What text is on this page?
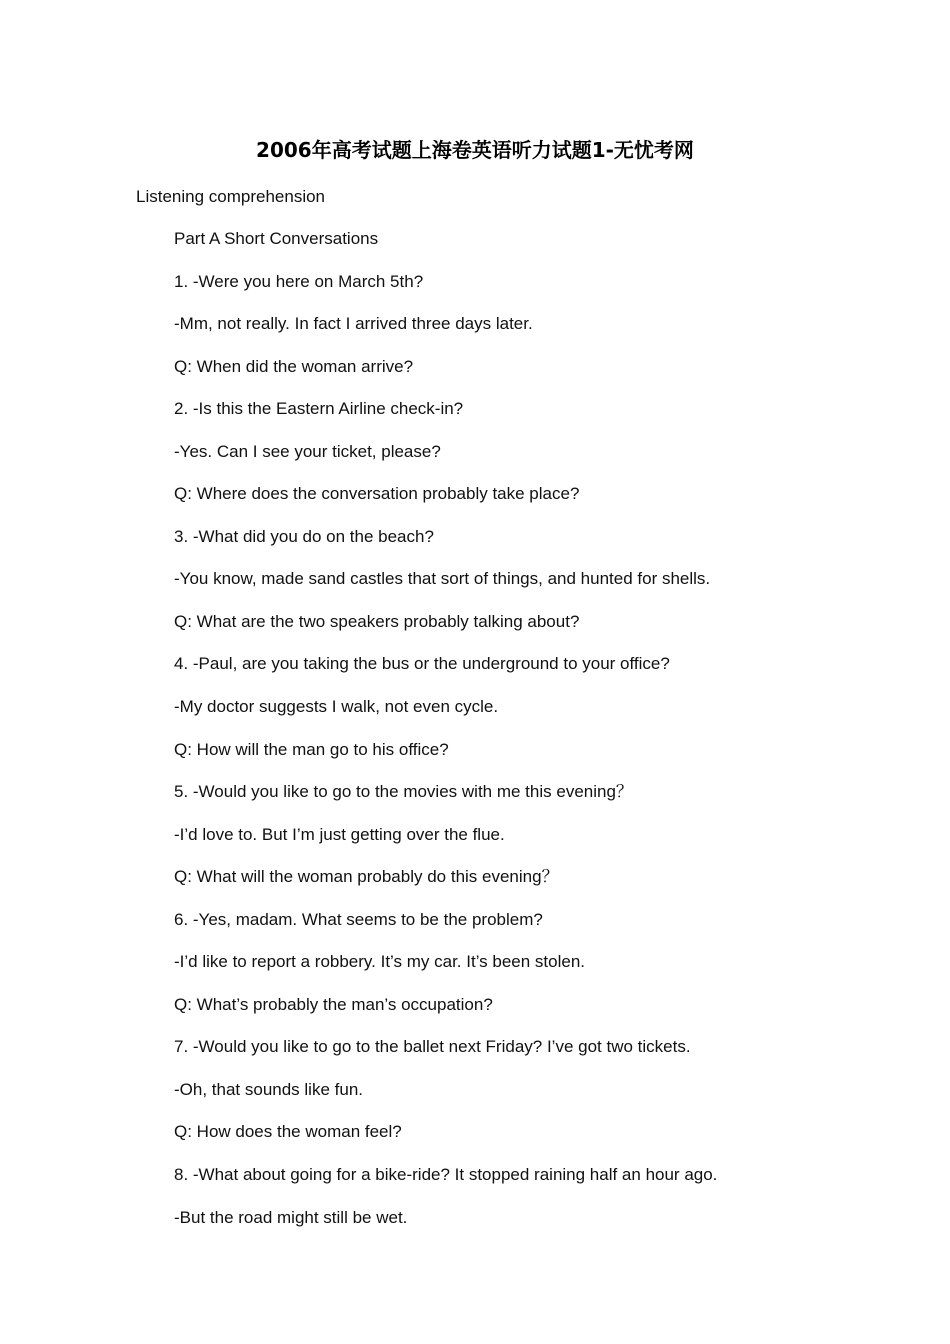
2006年高考试题上海卷英语听力试题1-无忧考网
Listening comprehension
Part A Short Conversations
1. -Were you here on March 5th?
-Mm, not really. In fact I arrived three days later.
Q: When did the woman arrive?
2. -Is this the Eastern Airline check-in?
-Yes. Can I see your ticket, please?
Q: Where does the conversation probably take place?
3. -What did you do on the beach?
-You know, made sand castles that sort of things, and hunted for shells.
Q: What are the two speakers probably talking about?
4. -Paul, are you taking the bus or the underground to your office?
-My doctor suggests I walk, not even cycle.
Q: How will the man go to his office?
5. -Would you like to go to the movies with me this evening？
-I’d love to. But I’m just getting over the flue.
Q: What will the woman probably do this evening？
6. -Yes, madam. What seems to be the problem?
-I’d like to report a robbery. It’s my car. It’s been stolen.
Q: What’s probably the man’s occupation?
7. -Would you like to go to the ballet next Friday? I’ve got two tickets.
-Oh, that sounds like fun.
Q: How does the woman feel?
8. -What about going for a bike-ride? It stopped raining half an hour ago.
-But the road might still be wet.
